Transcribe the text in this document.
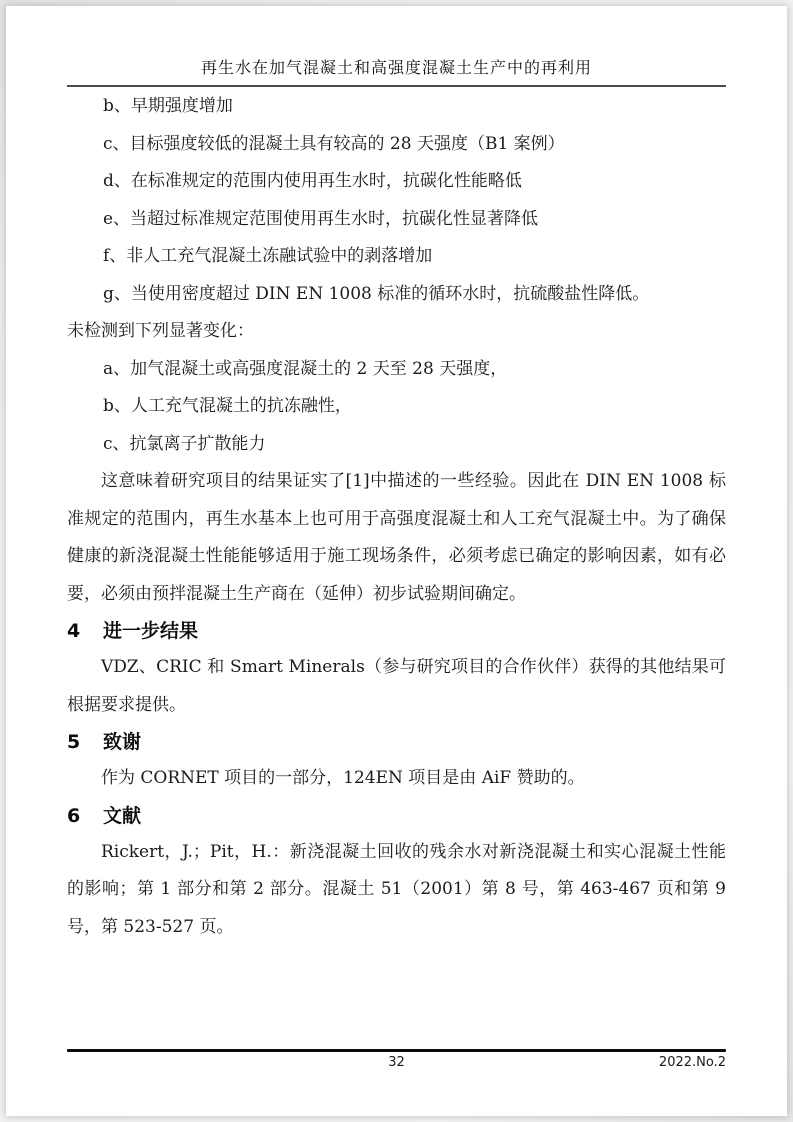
再生水在加气混凝土和高强度混凝土生产中的再利用
b、早期强度增加
c、目标强度较低的混凝土具有较高的 28 天强度（B1 案例）
d、在标准规定的范围内使用再生水时，抗碳化性能略低
e、当超过标准规定范围使用再生水时，抗碳化性显著降低
f、非人工充气混凝土冻融试验中的剥落增加
g、当使用密度超过 DIN EN 1008 标准的循环水时，抗硫酸盐性降低。
未检测到下列显著变化：
a、加气混凝土或高强度混凝土的 2 天至 28 天强度，
b、人工充气混凝土的抗冻融性，
c、抗氯离子扩散能力

这意味着研究项目的结果证实了[1]中描述的一些经验。因此在 DIN EN 1008 标准规定的范围内，再生水基本上也可用于高强度混凝土和人工充气混凝土中。为了确保健康的新浇混凝土性能能够适用于施工现场条件，必须考虑已确定的影响因素，如有必要，必须由预拌混凝土生产商在（延伸）初步试验期间确定。

4	进一步结果

VDZ、CRIC 和 Smart Minerals（参与研究项目的合作伙伴）获得的其他结果可根据要求提供。

5	致谢

作为 CORNET 项目的一部分，124EN 项目是由 AiF 赞助的。

6	文献

Rickert，J.；Pit，H.：新浇混凝土回收的残余水对新浇混凝土和实心混凝土性能的影响；第 1 部分和第 2 部分。混凝土 51（2001）第 8 号，第 463-467 页和第 9 号，第 523-527 页。

32	2022.No.2
